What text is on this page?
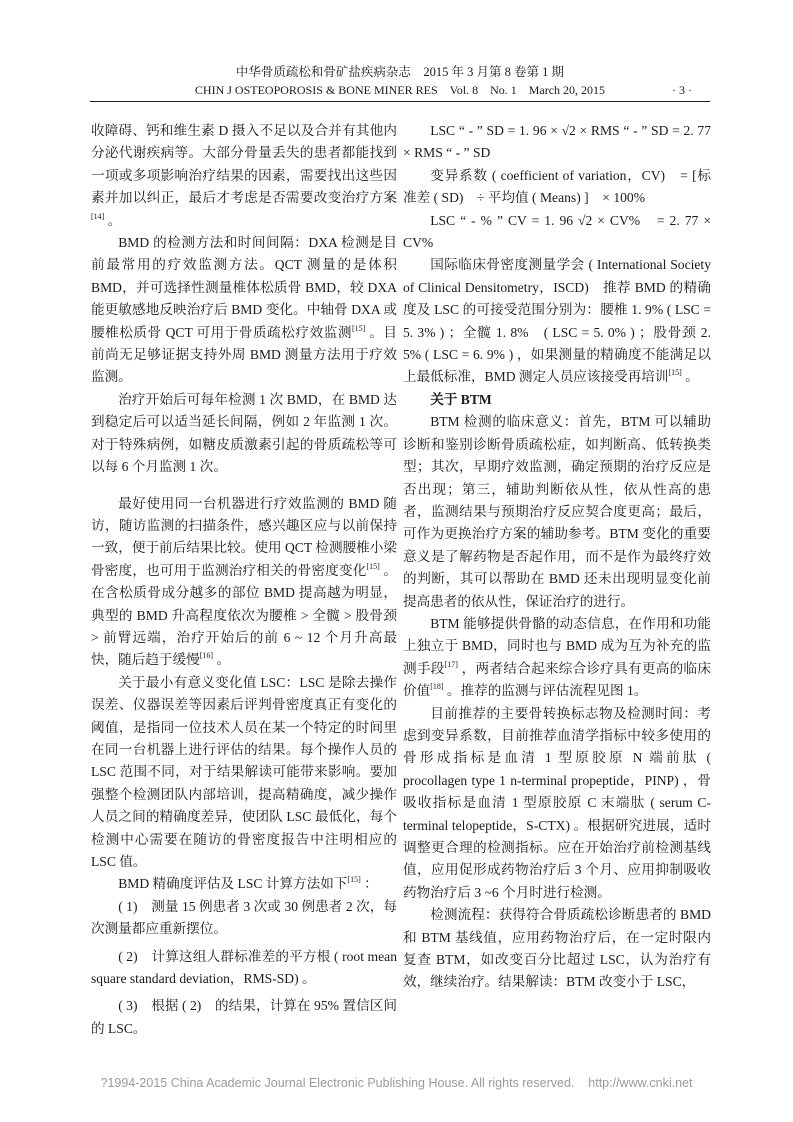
中华骨质疏松和骨矿盐疾病杂志　2015 年 3 月第 8 卷第 1 期
CHIN J OSTEOPOROSIS & BONE MINER RES　Vol. 8　No. 1　March 20, 2015	· 3 ·
收障碍、钙和维生素 D 摄入不足以及合并有其他内分泌代谢疾病等。大部分骨量丢失的患者都能找到一项或多项影响治疗结果的因素，需要找出这些因素并加以纠正，最后才考虑是否需要改变治疗方案[14] 。
BMD 的检测方法和时间间隔：DXA 检测是目前最常用的疗效监测方法。QCT 测量的是体积 BMD，并可选择性测量椎体松质骨 BMD，较 DXA 能更敏感地反映治疗后 BMD 变化。中轴骨 DXA 或腰椎松质骨 QCT 可用于骨质疏松疗效监测[15] 。目前尚无足够证据支持外周 BMD 测量方法用于疗效监测。
治疗开始后可每年检测 1 次 BMD，在 BMD 达到稳定后可以适当延长间隔，例如 2 年监测 1 次。对于特殊病例，如糖皮质激素引起的骨质疏松等可以每 6 个月监测 1 次。
最好使用同一台机器进行疗效监测的 BMD 随访，随访监测的扫描条件，感兴趣区应与以前保持一致，便于前后结果比较。使用 QCT 检测腰椎小梁骨密度，也可用于监测治疗相关的骨密度变化[15] 。在含松质骨成分越多的部位 BMD 提高越为明显，典型的 BMD 升高程度依次为腰椎 > 全髋 > 股骨颈 > 前臂远端，治疗开始后的前 6 ~ 12 个月升高最快，随后趋于缓慢[16] 。
关于最小有意义变化值 LSC：LSC 是除去操作误差、仪器误差等因素后评判骨密度真正有变化的阈值，是指同一位技术人员在某一个特定的时间里在同一台机器上进行评估的结果。每个操作人员的 LSC 范围不同，对于结果解读可能带来影响。要加强整个检测团队内部培训，提高精确度，减少操作人员之间的精确度差异，使团队 LSC 最低化，每个检测中心需要在随访的骨密度报告中注明相应的 LSC 值。
BMD 精确度评估及 LSC 计算方法如下[15] ：
( 1)　测量 15 例患者 3 次或 30 例患者 2 次，每次测量都应重新摆位。
( 2)　计算这组人群标准差的平方根 ( root mean square standard deviation，RMS-SD) 。
( 3)　根据 ( 2)　的结果，计算在 95% 置信区间的 LSC。
LSC “ - ” SD = 1. 96 × √2 × RMS “ - ” SD = 2. 77 × RMS “ - ” SD
变异系数 ( coefficient of variation，CV)　= [标准差 ( SD)　÷ 平均值 ( Means) ]　× 100%
LSC “ - % ” CV = 1. 96 √2 × CV%　= 2. 77 × CV%
国际临床骨密度测量学会 ( International Society of Clinical Densitometry，ISCD)　推荐 BMD 的精确度及 LSC 的可接受范围分别为：腰椎 1. 9% ( LSC = 5. 3% ) ；全髋 1. 8%　( LSC = 5. 0% ) ；股骨颈 2. 5% ( LSC = 6. 9% ) ，如果测量的精确度不能满足以上最低标准，BMD 测定人员应该接受再培训[15] 。
关于 BTM
BTM 检测的临床意义：首先，BTM 可以辅助诊断和鉴别诊断骨质疏松症，如判断高、低转换类型；其次，早期疗效监测，确定预期的治疗反应是否出现；第三，辅助判断依从性，依从性高的患者，监测结果与预期治疗反应契合度更高；最后，可作为更换治疗方案的辅助参考。BTM 变化的重要意义是了解药物是否起作用，而不是作为最终疗效的判断，其可以帮助在 BMD 还未出现明显变化前提高患者的依从性，保证治疗的进行。
BTM 能够提供骨骼的动态信息，在作用和功能上独立于 BMD，同时也与 BMD 成为互为补充的监测手段[17] ，两者结合起来综合诊疗具有更高的临床价值[18] 。推荐的监测与评估流程见图 1。
目前推荐的主要骨转换标志物及检测时间：考虑到变异系数，目前推荐血清学指标中较多使用的骨形成指标是血清 1 型原胶原 N 端前肽 ( procollagen type 1 n-terminal propeptide，PINP) ，骨吸收指标是血清 1 型原胶原 C 末端肽 ( serum C-terminal telopeptide，S-CTX) 。根据研究进展，适时调整更合理的检测指标。应在开始治疗前检测基线值，应用促形成药物治疗后 3 个月、应用抑制吸收药物治疗后 3 ~6 个月时进行检测。
检测流程：获得符合骨质疏松诊断患者的 BMD 和 BTM 基线值，应用药物治疗后，在一定时限内复查 BTM，如改变百分比超过 LSC，认为治疗有效，继续治疗。结果解读：BTM 改变小于 LSC，
?1994-2015 China Academic Journal Electronic Publishing House. All rights reserved.    http://www.cnki.net
